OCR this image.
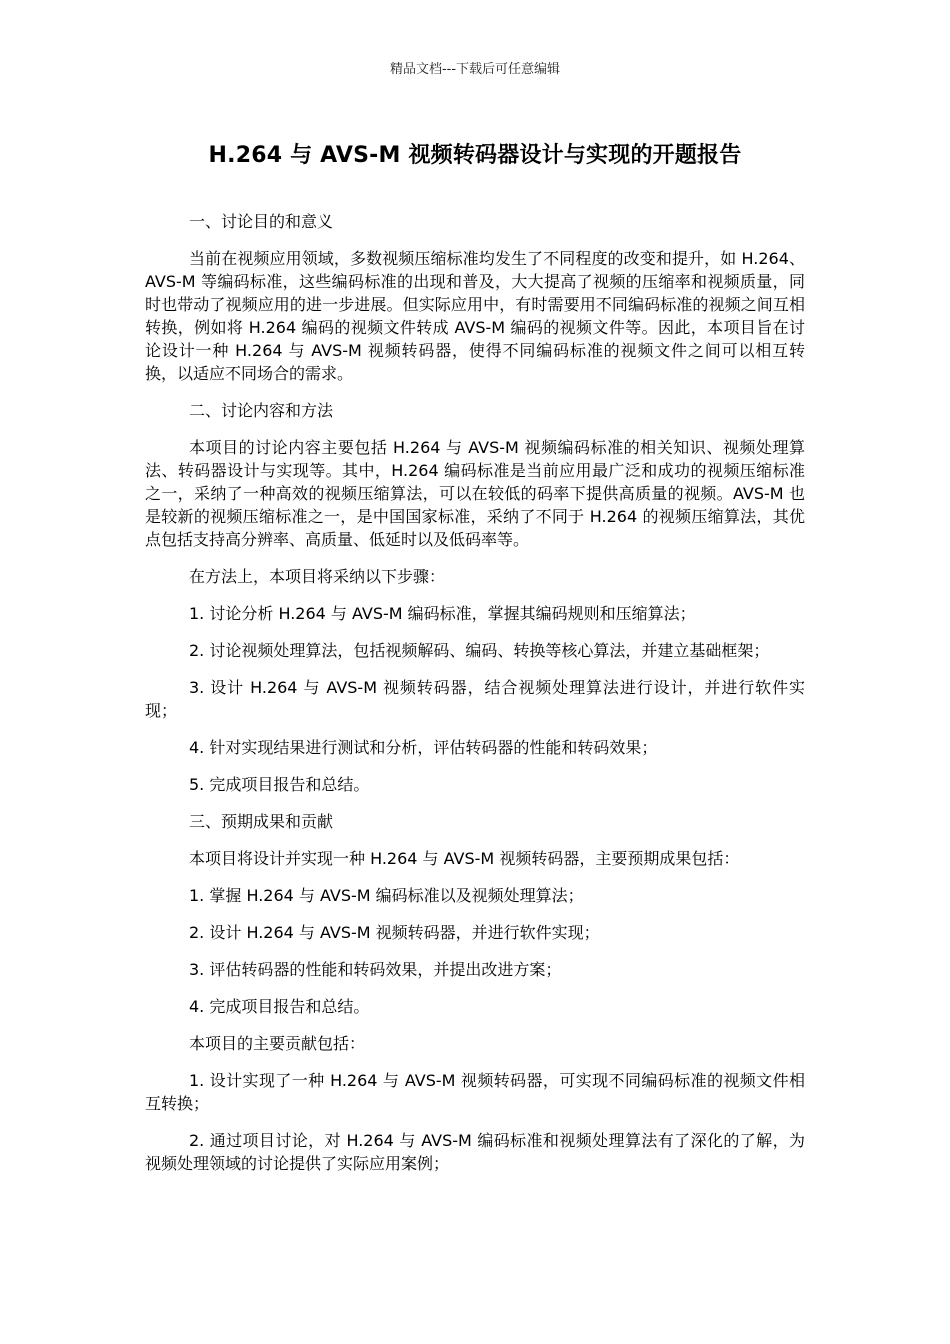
精品文档---下载后可任意编辑
H.264 与 AVS-M 视频转码器设计与实现的开题报告

一、讨论目的和意义

当前在视频应用领域，多数视频压缩标准均发生了不同程度的改变和提升，如 H.264、AVS-M 等编码标准，这些编码标准的出现和普及，大大提高了视频的压缩率和视频质量，同时也带动了视频应用的进一步进展。但实际应用中，有时需要用不同编码标准的视频之间互相转换，例如将 H.264 编码的视频文件转成 AVS-M 编码的视频文件等。因此，本项目旨在讨论设计一种 H.264 与 AVS-M 视频转码器，使得不同编码标准的视频文件之间可以相互转换，以适应不同场合的需求。

二、讨论内容和方法

本项目的讨论内容主要包括 H.264 与 AVS-M 视频编码标准的相关知识、视频处理算法、转码器设计与实现等。其中，H.264 编码标准是当前应用最广泛和成功的视频压缩标准之一，采纳了一种高效的视频压缩算法，可以在较低的码率下提供高质量的视频。AVS-M 也是较新的视频压缩标准之一，是中国国家标准，采纳了不同于 H.264 的视频压缩算法，其优点包括支持高分辨率、高质量、低延时以及低码率等。

在方法上，本项目将采纳以下步骤：

1. 讨论分析 H.264 与 AVS-M 编码标准，掌握其编码规则和压缩算法；

2. 讨论视频处理算法，包括视频解码、编码、转换等核心算法，并建立基础框架；

3. 设计 H.264 与 AVS-M 视频转码器，结合视频处理算法进行设计，并进行软件实现；

4. 针对实现结果进行测试和分析，评估转码器的性能和转码效果；

5. 完成项目报告和总结。

三、预期成果和贡献

本项目将设计并实现一种 H.264 与 AVS-M 视频转码器，主要预期成果包括：

1. 掌握 H.264 与 AVS-M 编码标准以及视频处理算法；

2. 设计 H.264 与 AVS-M 视频转码器，并进行软件实现；

3. 评估转码器的性能和转码效果，并提出改进方案；

4. 完成项目报告和总结。

本项目的主要贡献包括：

1. 设计实现了一种 H.264 与 AVS-M 视频转码器，可实现不同编码标准的视频文件相互转换；

2. 通过项目讨论，对 H.264 与 AVS-M 编码标准和视频处理算法有了深化的了解，为视频处理领域的讨论提供了实际应用案例；
